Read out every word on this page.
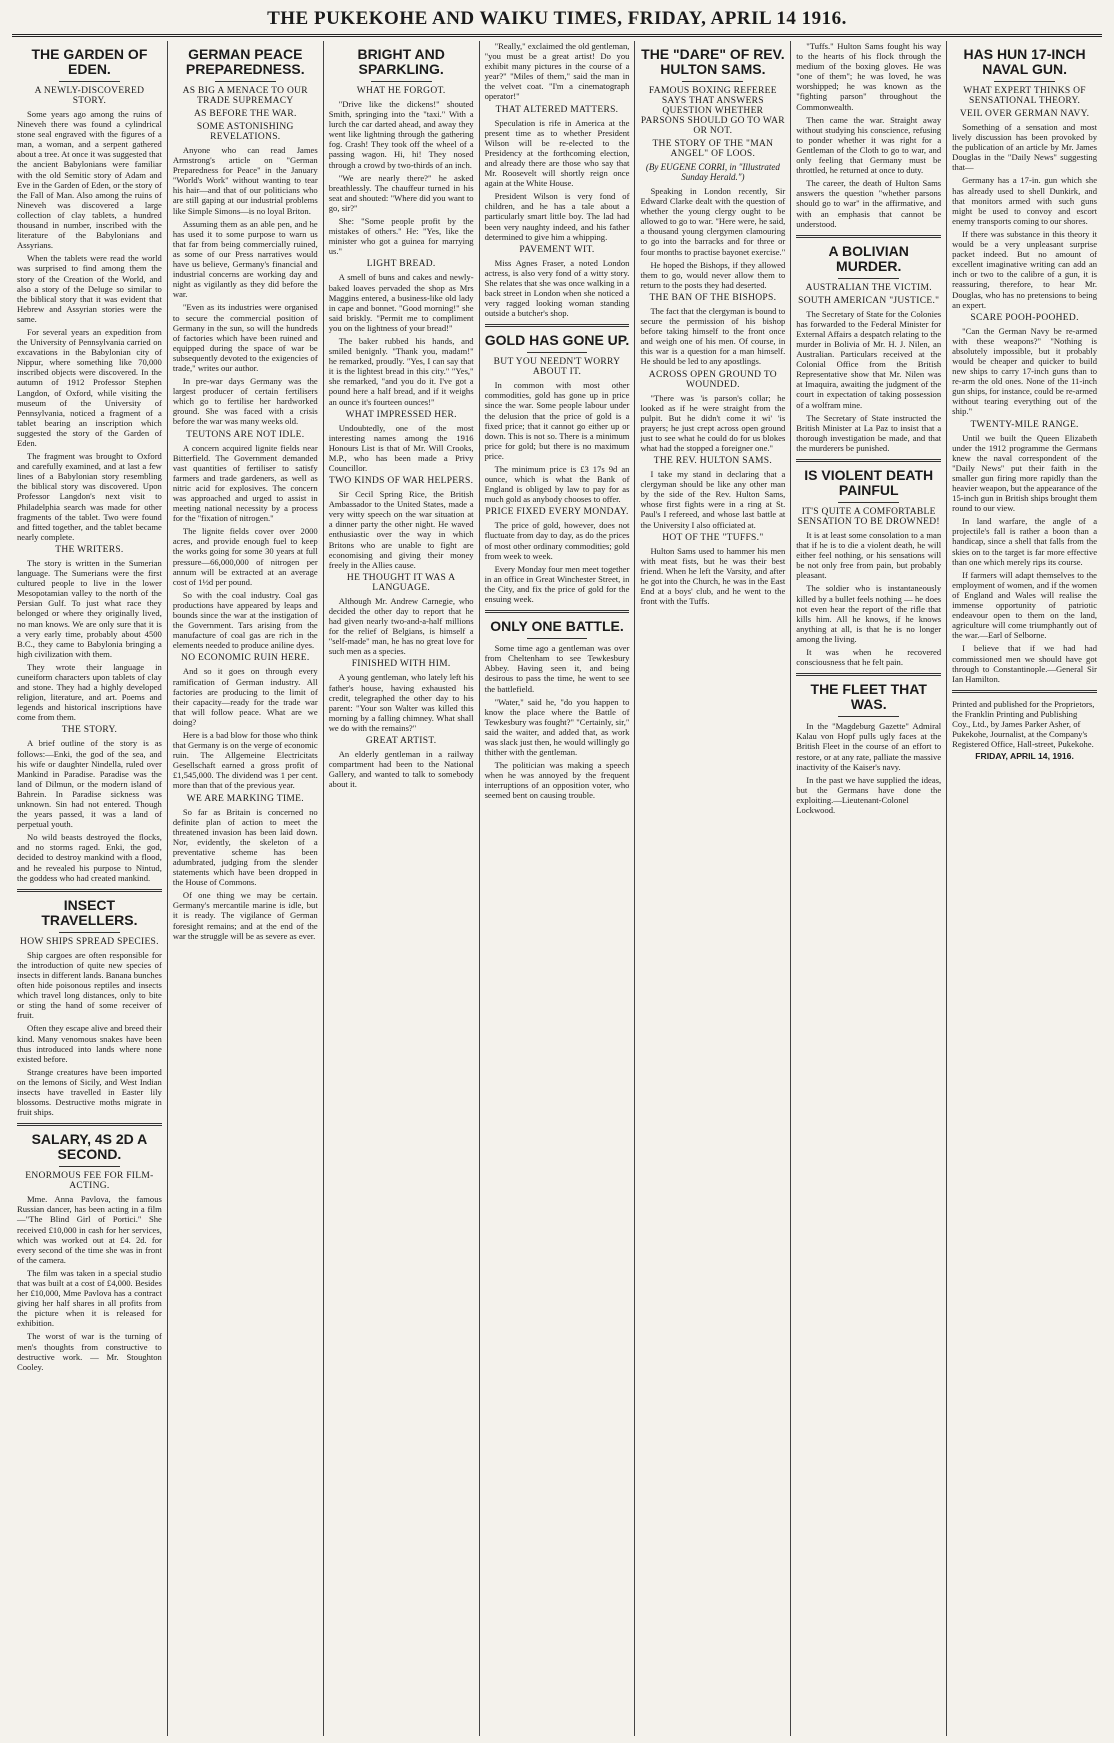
THE PUKEKOHE AND WAIKU TIMES, FRIDAY, APRIL 14 1916.
THE GARDEN OF EDEN.
A NEWLY-DISCOVERED STORY.

Some years ago among the ruins of Nineveh there was found a cylindrical stone seal engraved with the figures of a man, a woman, and a serpent gathered about a tree. At once it was suggested that the ancient Babylonians were familiar with the old Semitic story of Adam and Eve in the Garden of Eden, or the story of the Fall of Man. Also among the ruins of Nineveh was discovered a large collection of clay tablets, a hundred thousand in number, inscribed with the literature of the Babylonians and Assyrians.

When the tablets were read the world was surprised to find among them the story of the Creation of the World, and also a story of the Deluge so similar to the biblical story that it was evident that Hebrew and Assyrian stories were the same.

For several years an expedition from the University of Pennsylvania carried on excavations in the Babylonian city of Nippur, where something like 70,000 inscribed objects were discovered. In the autumn of 1912 Professor Stephen Langdon, of Oxford, while visiting the museum of the University of Pennsylvania, noticed a fragment of a tablet bearing an inscription which suggested the story of the Garden of Eden.

The fragment was brought to Oxford and carefully examined, and at last a few lines of a Babylonian story resembling the biblical story was discovered. Upon Professor Langdon's next visit to Philadelphia search was made for other fragments of the tablet. Two were found and fitted together, and the tablet became nearly complete.

THE WRITERS.

The story is written in the Sumerian language. The Sumerians were the first cultured people to live in the lower Mesopotamian valley to the north of the Persian Gulf. To just what race they belonged or where they originally lived, no man knows. We are only sure that it is a very early time, probably about 4500 B.C., they came to Babylonia bringing a high civilization with them.

They wrote their language in cuneiform characters upon tablets of clay and stone. They had a highly developed religion, literature, and art. Poems and legends and historical inscriptions have come from them.

THE STORY.

A brief outline of the story is as follows:—Enki, the god of the sea, and his wife or daughter Nindella, ruled over Mankind in Paradise. Paradise was the land of Dilmun, or the modern island of Bahrein. In Paradise sickness was unknown. Sin had not entered. Though the years passed, it was a land of perpetual youth.

No wild beasts destroyed the flocks, and no storms raged. Enki, the god, decided to destroy mankind with a flood, and he revealed his purpose to Nintud, the goddess who had created mankind.

INSECT TRAVELLERS.
HOW SHIPS SPREAD SPECIES.

Ship cargoes are often responsible for the introduction of quite new species of insects in different lands. Banana bunches often hide poisonous reptiles and insects which travel long distances, only to bite or sting the hand of some receiver of fruit.

Often they escape alive and breed their kind. Many venomous snakes have been thus introduced into lands where none existed before.

Strange creatures have been imported on the lemons of Sicily, and West Indian insects have travelled in Easter lily blossoms. Destructive moths migrate in fruit ships.

SALARY, 4S 2D A SECOND.
ENORMOUS FEE FOR FILM-ACTING.

Mme. Anna Pavlova, the famous Russian dancer, has been acting in a film—"The Blind Girl of Portici." She received £10,000 in cash for her services, which was worked out at £4. 2d. for every second of the time she was in front of the camera.

The film was taken in a special studio that was built at a cost of £4,000. Besides her £10,000, Mme Pavlova has a contract giving her half shares in all profits from the picture when it is released for exhibition.

The worst of war is the turning of men's thoughts from constructive to destructive work. — Mr. Stoughton Cooley.

GERMAN PEACE PREPAREDNESS.
AS BIG A MENACE TO OUR TRADE SUPREMACY
AS BEFORE THE WAR.
SOME ASTONISHING REVELATIONS.

Anyone who can read James Armstrong's article on "German Preparedness for Peace" in the January "World's Work" without wanting to tear his hair—and that of our politicians who are still gaping at our industrial problems like Simple Simons—is no loyal Briton.

Assuming them as an able pen, and he has used it to some purpose to warn us that far from being commercially ruined, as some of our Press narratives would have us believe, Germany's financial and industrial concerns are working day and night as vigilantly as they did before the war.

"Even as its industries were organised to secure the commercial position of Germany in the sun, so will the hundreds of factories which have been ruined and equipped during the space of war be subsequently devoted to the exigencies of trade," writes our author.

In pre-war days Germany was the largest producer of certain fertilisers which go to fertilise her hardworked ground. She was faced with a crisis before the war was many weeks old.

TEUTONS ARE NOT IDLE.

A concern acquired lignite fields near Bitterfield. The Government demanded vast quantities of fertiliser to satisfy farmers and trade gardeners, as well as nitric acid for explosives. The concern was approached and urged to assist in meeting national necessity by a process for the "fixation of nitrogen."

The lignite fields cover over 2000 acres, and provide enough fuel to keep the works going for some 30 years at full pressure—66,000,000 of nitrogen per annum will be extracted at an average cost of 1½d per pound.

So with the coal industry. Coal gas productions have appeared by leaps and bounds since the war at the instigation of the Government. Tars arising from the manufacture of coal gas are rich in the elements needed to produce aniline dyes.

NO ECONOMIC RUIN HERE.

And so it goes on through every ramification of German industry. All factories are producing to the limit of their capacity—ready for the trade war that will follow peace. What are we doing?

Here is a bad blow for those who think that Germany is on the verge of economic ruin. The Allgemeine Electricitats Gesellschaft earned a gross profit of £1,545,000. The dividend was 1 per cent. more than that of the previous year.

WE ARE MARKING TIME.

So far as Britain is concerned no definite plan of action to meet the threatened invasion has been laid down. Nor, evidently, the skeleton of a preventative scheme has been adumbrated, judging from the slender statements which have been dropped in the House of Commons.

Of one thing we may be certain. Germany's mercantile marine is idle, but it is ready. The vigilance of German foresight remains; and at the end of the war the struggle will be as severe as ever.

BRIGHT AND SPARKLING.
WHAT HE FORGOT.

"Drive like the dickens!" shouted Smith, springing into the "taxi." With a lurch the car darted ahead, and away they went like lightning through the gathering fog. Crash! They took off the wheel of a passing wagon. Hi, hi! They nosed through a crowd by two-thirds of an inch.

"We are nearly there?" he asked breathlessly. The chauffeur turned in his seat and shouted: "Where did you want to go, sir?"

She: "Some people profit by the mistakes of others." He: "Yes, like the minister who got a guinea for marrying us."

LIGHT BREAD.

A smell of buns and cakes and newly-baked loaves pervaded the shop as Mrs Maggins entered, a business-like old lady in cape and bonnet. "Good morning!" she said briskly. "Permit me to compliment you on the lightness of your bread!"

The baker rubbed his hands, and smiled benignly. "Thank you, madam!" he remarked, proudly. "Yes, I can say that it is the lightest bread in this city." "Yes," she remarked, "and you do it. I've got a pound here a half bread, and if it weighs an ounce it's fourteen ounces!"

WHAT IMPRESSED HER.

Undoubtedly, one of the most interesting names among the 1916 Honours List is that of Mr. Will Crooks, M.P., who has been made a Privy Councillor.

TWO KINDS OF WAR HELPERS.

Sir Cecil Spring Rice, the British Ambassador to the United States, made a very witty speech on the war situation at a dinner party the other night. He waved enthusiastic over the way in which Britons who are unable to fight are economising and giving their money freely in the Allies cause.

HE THOUGHT IT WAS A LANGUAGE.

Although Mr. Andrew Carnegie, who decided the other day to report that he had given nearly two-and-a-half millions for the relief of Belgians, is himself a "self-made" man, he has no great love for such men as a species.

FINISHED WITH HIM.

A young gentleman, who lately left his father's house, having exhausted his credit, telegraphed the other day to his parent: "Your son Walter was killed this morning by a falling chimney. What shall we do with the remains?"

GREAT ARTIST.

An elderly gentleman in a railway compartment had been to the National Gallery, and wanted to talk to somebody about it.

"Really," exclaimed the old gentleman, "you must be a great artist! Do you exhibit many pictures in the course of a year?" "Miles of them," said the man in the velvet coat. "I'm a cinematograph operator!"

THAT ALTERED MATTERS.

Speculation is rife in America at the present time as to whether President Wilson will be re-elected to the Presidency at the forthcoming election, and already there are those who say that Mr. Roosevelt will shortly reign once again at the White House.

President Wilson is very fond of children, and he has a tale about a particularly smart little boy. The lad had been very naughty indeed, and his father determined to give him a whipping.

PAVEMENT WIT.

Miss Agnes Fraser, a noted London actress, is also very fond of a witty story. She relates that she was once walking in a back street in London when she noticed a very ragged looking woman standing outside a butcher's shop.

GOLD HAS GONE UP.
BUT YOU NEEDN'T WORRY ABOUT IT.

In common with most other commodities, gold has gone up in price since the war. Some people labour under the delusion that the price of gold is a fixed price; that it cannot go either up or down. This is not so. There is a minimum price for gold; but there is no maximum price.

The minimum price is £3 17s 9d an ounce, which is what the Bank of England is obliged by law to pay for as much gold as anybody chooses to offer.

PRICE FIXED EVERY MONDAY.

The price of gold, however, does not fluctuate from day to day, as do the prices of most other ordinary commodities; gold from week to week.

Every Monday four men meet together in an office in Great Winchester Street, in the City, and fix the price of gold for the ensuing week.

ONLY ONE BATTLE.

Some time ago a gentleman was over from Cheltenham to see Tewkesbury Abbey. Having seen it, and being desirous to pass the time, he went to see the battlefield.

"Water," said he, "do you happen to know the place where the Battle of Tewkesbury was fought?" "Certainly, sir," said the waiter, and added that, as work was slack just then, he would willingly go thither with the gentleman.

The politician was making a speech when he was annoyed by the frequent interruptions of an opposition voter, who seemed bent on causing trouble.

THE "DARE" OF REV. HULTON SAMS.
FAMOUS BOXING REFEREE SAYS THAT ANSWERS QUESTION WHETHER PARSONS SHOULD GO TO WAR OR NOT.
THE STORY OF THE "MAN ANGEL" OF LOOS.
(By EUGENE CORRI, in "Illustrated Sunday Herald.")

Speaking in London recently, Sir Edward Clarke dealt with the question of whether the young clergy ought to be allowed to go to war. "Here were, he said, a thousand young clergymen clamouring to go into the barracks and for three or four months to practise bayonet exercise."

He hoped the Bishops, if they allowed them to go, would never allow them to return to the posts they had deserted.

THE BAN OF THE BISHOPS.

The fact that the clergyman is bound to secure the permission of his bishop before taking himself to the front once and weigh one of his men. Of course, in this war is a question for a man himself. He should be led to any apostlings.

ACROSS OPEN GROUND TO WOUNDED.

"There was 'is parson's collar; he looked as if he were straight from the pulpit. But he didn't come it wi' 'is prayers; he just crept across open ground just to see what he could do for us blokes what had the stopped a foreigner one."

THE REV. HULTON SAMS.

I take my stand in declaring that a clergyman should be like any other man by the side of the Rev. Hulton Sams, whose first fights were in a ring at St. Paul's I refereed, and whose last battle at the University I also officiated at.

HOT OF THE "TUFFS."

Hulton Sams used to hammer his men with meat fists, but he was their best friend. When he left the Varsity, and after he got into the Church, he was in the East End at a boys' club, and he went to the front with the Tuffs.

"Tuffs." Hulton Sams fought his way to the hearts of his flock through the medium of the boxing gloves. He was "one of them"; he was loved, he was worshipped; he was known as the "fighting parson" throughout the Commonwealth.

Then came the war. Straight away without studying his conscience, refusing to ponder whether it was right for a Gentleman of the Cloth to go to war, and only feeling that Germany must be throttled, he returned at once to duty.

The career, the death of Hulton Sams answers the question "whether parsons should go to war" in the affirmative, and with an emphasis that cannot be understood.

A BOLIVIAN MURDER.
AUSTRALIAN THE VICTIM.
SOUTH AMERICAN "JUSTICE."

The Secretary of State for the Colonies has forwarded to the Federal Minister for External Affairs a despatch relating to the murder in Bolivia of Mr. H. J. Nilen, an Australian. Particulars received at the Colonial Office from the British Representative show that Mr. Nilen was at Imaquira, awaiting the judgment of the court in expectation of taking possession of a wolfram mine.

The Secretary of State instructed the British Minister at La Paz to insist that a thorough investigation be made, and that the murderers be punished.

IS VIOLENT DEATH PAINFUL
IT'S QUITE A COMFORTABLE SENSATION TO BE DROWNED!

It is at least some consolation to a man that if he is to die a violent death, he will either feel nothing, or his sensations will be not only free from pain, but probably pleasant.

The soldier who is instantaneously killed by a bullet feels nothing — he does not even hear the report of the rifle that kills him. All he knows, if he knows anything at all, is that he is no longer among the living.

It was when he recovered consciousness that he felt pain.

THE FLEET THAT WAS.

In the "Magdeburg Gazette" Admiral Kalau von Hopf pulls ugly faces at the British Fleet in the course of an effort to restore, or at any rate, palliate the massive inactivity of the Kaiser's navy.

In the past we have supplied the ideas, but the Germans have done the exploiting.—Lieutenant-Colonel Lockwood.

HAS HUN 17-INCH NAVAL GUN.
WHAT EXPERT THINKS OF SENSATIONAL THEORY.
VEIL OVER GERMAN NAVY.

Something of a sensation and most lively discussion has been provoked by the publication of an article by Mr. James Douglas in the "Daily News" suggesting that—

Germany has a 17-in. gun which she has already used to shell Dunkirk, and that monitors armed with such guns might be used to convoy and escort enemy transports coming to our shores.

If there was substance in this theory it would be a very unpleasant surprise packet indeed. But no amount of excellent imaginative writing can add an inch or two to the calibre of a gun, it is reassuring, therefore, to hear Mr. Douglas, who has no pretensions to being an expert.

SCARE POOH-POOHED.

"Can the German Navy be re-armed with these weapons?" "Nothing is absolutely impossible, but it probably would be cheaper and quicker to build new ships to carry 17-inch guns than to re-arm the old ones. None of the 11-inch gun ships, for instance, could be re-armed without tearing everything out of the ship."

TWENTY-MILE RANGE.

Until we built the Queen Elizabeth under the 1912 programme the Germans knew the naval correspondent of the "Daily News" put their faith in the smaller gun firing more rapidly than the heavier weapon, but the appearance of the 15-inch gun in British ships brought them round to our view.

In land warfare, the angle of a projectile's fall is rather a boon than a handicap, since a shell that falls from the skies on to the target is far more effective than one which merely rips its course.

If farmers will adapt themselves to the employment of women, and if the women of England and Wales will realise the immense opportunity of patriotic endeavour open to them on the land, agriculture will come triumphantly out of the war.—Earl of Selborne.

I believe that if we had had commissioned men we should have got through to Constantinople.—General Sir Ian Hamilton.

Printed and published for the Proprietors, the Franklin Printing and Publishing Coy., Ltd., by James Parker Asher, of Pukekohe, Journalist, at the Company's Registered Office, Hall-street, Pukekohe.
FRIDAY, APRIL 14, 1916.
